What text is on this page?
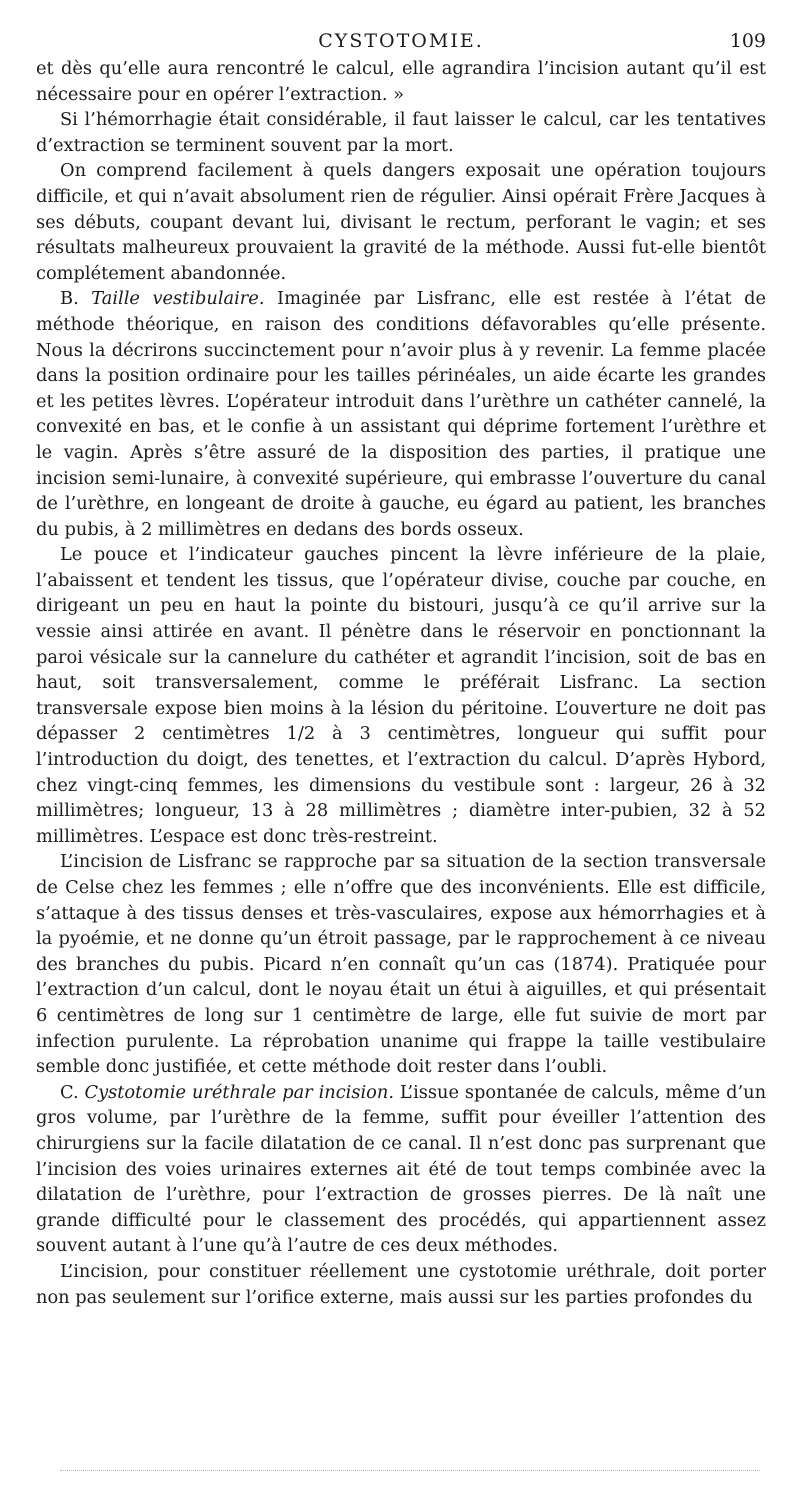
CYSTOTOMIE.	109

et dès qu’elle aura rencontré le calcul, elle agrandira l’incision autant qu’il est nécessaire pour en opérer l’extraction. »

Si l’hémorrhagie était considérable, il faut laisser le calcul, car les tentatives d’extraction se terminent souvent par la mort.

On comprend facilement à quels dangers exposait une opération toujours difficile, et qui n’avait absolument rien de régulier. Ainsi opérait Frère Jacques à ses débuts, coupant devant lui, divisant le rectum, perforant le vagin; et ses résultats malheureux prouvaient la gravité de la méthode. Aussi fut-elle bientôt complétement abandonnée.

B. Taille vestibulaire. Imaginée par Lisfranc, elle est restée à l’état de méthode théorique, en raison des conditions défavorables qu’elle présente. Nous la décrirons succinctement pour n’avoir plus à y revenir. La femme placée dans la position ordinaire pour les tailles périnéales, un aide écarte les grandes et les petites lèvres. L’opérateur introduit dans l’urèthre un cathéter cannelé, la convexité en bas, et le confie à un assistant qui déprime fortement l’urèthre et le vagin. Après s’être assuré de la disposition des parties, il pratique une incision semi-lunaire, à convexité supérieure, qui embrasse l’ouverture du canal de l’urèthre, en longeant de droite à gauche, eu égard au patient, les branches du pubis, à 2 millimètres en dedans des bords osseux.

Le pouce et l’indicateur gauches pincent la lèvre inférieure de la plaie, l’abaissent et tendent les tissus, que l’opérateur divise, couche par couche, en dirigeant un peu en haut la pointe du bistouri, jusqu’à ce qu’il arrive sur la vessie ainsi attirée en avant. Il pénètre dans le réservoir en ponctionnant la paroi vésicale sur la cannelure du cathéter et agrandit l’incision, soit de bas en haut, soit transversalement, comme le préférait Lisfranc. La section transversale expose bien moins à la lésion du péritoine. L’ouverture ne doit pas dépasser 2 centimètres 1/2 à 3 centimètres, longueur qui suffit pour l’introduction du doigt, des tenettes, et l’extraction du calcul. D’après Hybord, chez vingt-cinq femmes, les dimensions du vestibule sont : largeur, 26 à 32 millimètres; longueur, 13 à 28 millimètres ; diamètre inter-pubien, 32 à 52 millimètres. L’espace est donc très-restreint.

L’incision de Lisfranc se rapproche par sa situation de la section transversale de Celse chez les femmes ; elle n’offre que des inconvénients. Elle est difficile, s’attaque à des tissus denses et très-vasculaires, expose aux hémorrhagies et à la pyoémie, et ne donne qu’un étroit passage, par le rapprochement à ce niveau des branches du pubis. Picard n’en connaît qu’un cas (1874). Pratiquée pour l’extraction d’un calcul, dont le noyau était un étui à aiguilles, et qui présentait 6 centimètres de long sur 1 centimètre de large, elle fut suivie de mort par infection purulente. La réprobation unanime qui frappe la taille vestibulaire semble donc justifiée, et cette méthode doit rester dans l’oubli.

C. Cystotomie uréthrale par incision. L’issue spontanée de calculs, même d’un gros volume, par l’urèthre de la femme, suffit pour éveiller l’attention des chirurgiens sur la facile dilatation de ce canal. Il n’est donc pas surprenant que l’incision des voies urinaires externes ait été de tout temps combinée avec la dilatation de l’urèthre, pour l’extraction de grosses pierres. De là naît une grande difficulté pour le classement des procédés, qui appartiennent assez souvent autant à l’une qu’à l’autre de ces deux méthodes.

L’incision, pour constituer réellement une cystotomie uréthrale, doit porter non pas seulement sur l’orifice externe, mais aussi sur les parties profondes du
